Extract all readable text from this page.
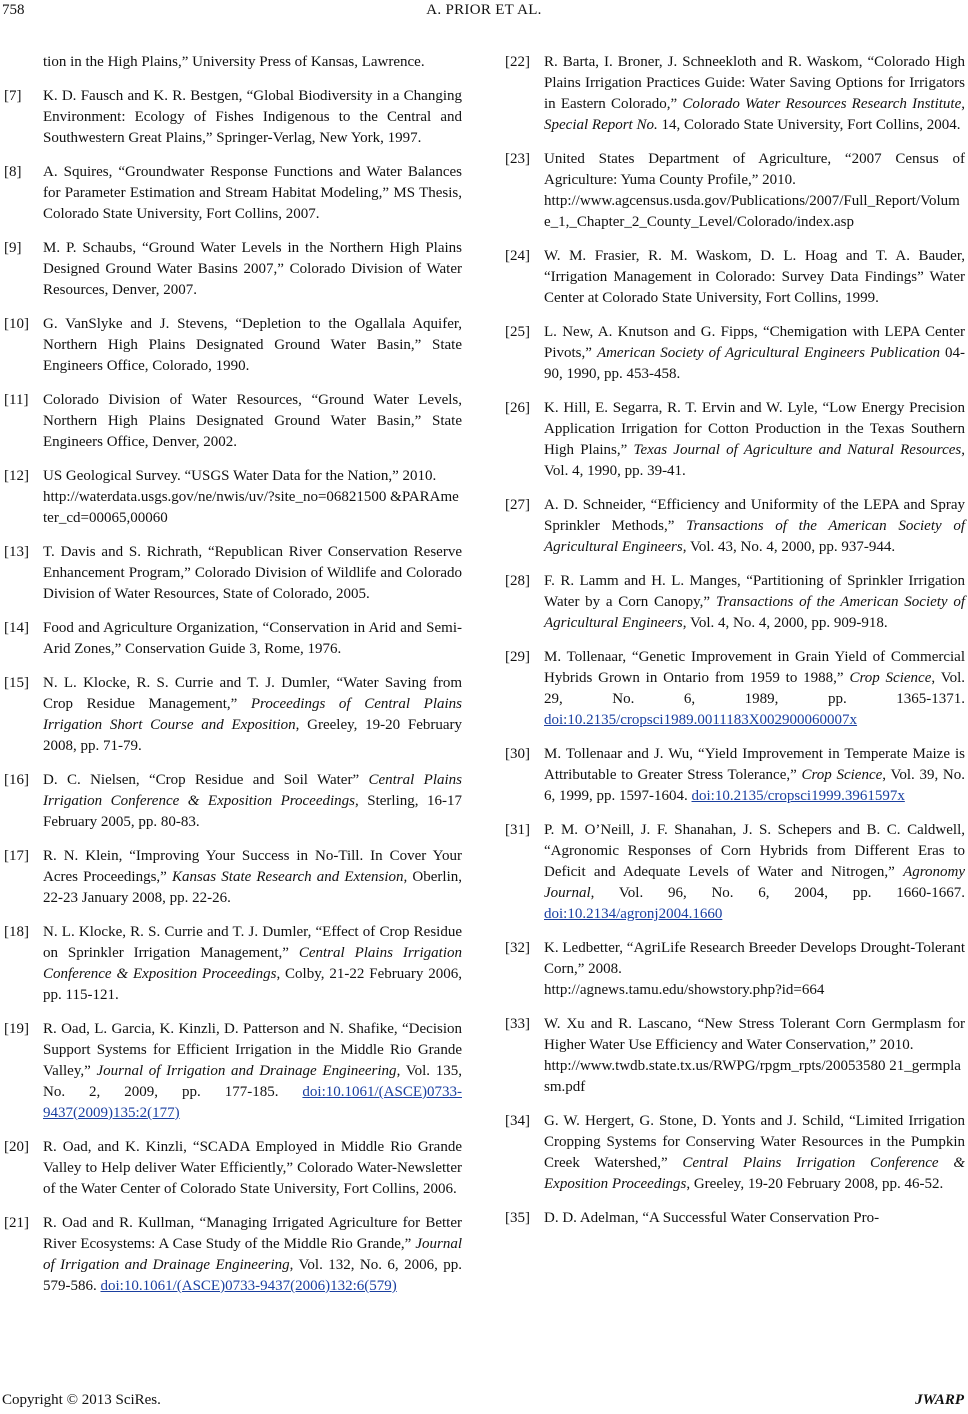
758	A. PRIOR ET AL.
tion in the High Plains,” University Press of Kansas, Lawrence.
[7] K. D. Fausch and K. R. Bestgen, “Global Biodiversity in a Changing Environment: Ecology of Fishes Indigenous to the Central and Southwestern Great Plains,” Springer-Verlag, New York, 1997.
[8] A. Squires, “Groundwater Response Functions and Water Balances for Parameter Estimation and Stream Habitat Modeling,” MS Thesis, Colorado State University, Fort Collins, 2007.
[9] M. P. Schaubs, “Ground Water Levels in the Northern High Plains Designed Ground Water Basins 2007,” Colorado Division of Water Resources, Denver, 2007.
[10] G. VanSlyke and J. Stevens, “Depletion to the Ogallala Aquifer, Northern High Plains Designated Ground Water Basin,” State Engineers Office, Colorado, 1990.
[11] Colorado Division of Water Resources, “Ground Water Levels, Northern High Plains Designated Ground Water Basin,” State Engineers Office, Denver, 2002.
[12] US Geological Survey. “USGS Water Data for the Nation,” 2010.
http://waterdata.usgs.gov/ne/nwis/uv/?site_no=06821500 &PARAmeter_cd=00065,00060
[13] T. Davis and S. Richrath, “Republican River Conservation Reserve Enhancement Program,” Colorado Division of Wildlife and Colorado Division of Water Resources, State of Colorado, 2005.
[14] Food and Agriculture Organization, “Conservation in Arid and Semi-Arid Zones,” Conservation Guide 3, Rome, 1976.
[15] N. L. Klocke, R. S. Currie and T. J. Dumler, “Water Saving from Crop Residue Management,” Proceedings of Central Plains Irrigation Short Course and Exposition, Greeley, 19-20 February 2008, pp. 71-79.
[16] D. C. Nielsen, “Crop Residue and Soil Water” Central Plains Irrigation Conference & Exposition Proceedings, Sterling, 16-17 February 2005, pp. 80-83.
[17] R. N. Klein, “Improving Your Success in No-Till. In Cover Your Acres Proceedings,” Kansas State Research and Extension, Oberlin, 22-23 January 2008, pp. 22-26.
[18] N. L. Klocke, R. S. Currie and T. J. Dumler, “Effect of Crop Residue on Sprinkler Irrigation Management,” Central Plains Irrigation Conference & Exposition Proceedings, Colby, 21-22 February 2006, pp. 115-121.
[19] R. Oad, L. Garcia, K. Kinzli, D. Patterson and N. Shafike, “Decision Support Systems for Efficient Irrigation in the Middle Rio Grande Valley,” Journal of Irrigation and Drainage Engineering, Vol. 135, No. 2, 2009, pp. 177-185. doi:10.1061/(ASCE)0733-9437(2009)135:2(177)
[20] R. Oad, and K. Kinzli, “SCADA Employed in Middle Rio Grande Valley to Help deliver Water Efficiently,” Colorado Water-Newsletter of the Water Center of Colorado State University, Fort Collins, 2006.
[21] R. Oad and R. Kullman, “Managing Irrigated Agriculture for Better River Ecosystems: A Case Study of the Middle Rio Grande,” Journal of Irrigation and Drainage Engineering, Vol. 132, No. 6, 2006, pp. 579-586. doi:10.1061/(ASCE)0733-9437(2006)132:6(579)
[22] R. Barta, I. Broner, J. Schneekloth and R. Waskom, “Colorado High Plains Irrigation Practices Guide: Water Saving Options for Irrigators in Eastern Colorado,” Colorado Water Resources Research Institute, Special Report No. 14, Colorado State University, Fort Collins, 2004.
[23] United States Department of Agriculture, “2007 Census of Agriculture: Yuma County Profile,” 2010.
http://www.agcensus.usda.gov/Publications/2007/Full_Report/Volume_1,_Chapter_2_County_Level/Colorado/index.asp
[24] W. M. Frasier, R. M. Waskom, D. L. Hoag and T. A. Bauder, “Irrigation Management in Colorado: Survey Data Findings” Water Center at Colorado State University, Fort Collins, 1999.
[25] L. New, A. Knutson and G. Fipps, “Chemigation with LEPA Center Pivots,” American Society of Agricultural Engineers Publication 04-90, 1990, pp. 453-458.
[26] K. Hill, E. Segarra, R. T. Ervin and W. Lyle, “Low Energy Precision Application Irrigation for Cotton Production in the Texas Southern High Plains,” Texas Journal of Agriculture and Natural Resources, Vol. 4, 1990, pp. 39-41.
[27] A. D. Schneider, “Efficiency and Uniformity of the LEPA and Spray Sprinkler Methods,” Transactions of the American Society of Agricultural Engineers, Vol. 43, No. 4, 2000, pp. 937-944.
[28] F. R. Lamm and H. L. Manges, “Partitioning of Sprinkler Irrigation Water by a Corn Canopy,” Transactions of the American Society of Agricultural Engineers, Vol. 4, No. 4, 2000, pp. 909-918.
[29] M. Tollenaar, “Genetic Improvement in Grain Yield of Commercial Hybrids Grown in Ontario from 1959 to 1988,” Crop Science, Vol. 29, No. 6, 1989, pp. 1365-1371. doi:10.2135/cropsci1989.0011183X002900060007x
[30] M. Tollenaar and J. Wu, “Yield Improvement in Temperate Maize is Attributable to Greater Stress Tolerance,” Crop Science, Vol. 39, No. 6, 1999, pp. 1597-1604. doi:10.2135/cropsci1999.3961597x
[31] P. M. O’Neill, J. F. Shanahan, J. S. Schepers and B. C. Caldwell, “Agronomic Responses of Corn Hybrids from Different Eras to Deficit and Adequate Levels of Water and Nitrogen,” Agronomy Journal, Vol. 96, No. 6, 2004, pp. 1660-1667. doi:10.2134/agronj2004.1660
[32] K. Ledbetter, “AgriLife Research Breeder Develops Drought-Tolerant Corn,” 2008.
http://agnews.tamu.edu/showstory.php?id=664
[33] W. Xu and R. Lascano, “New Stress Tolerant Corn Germplasm for Higher Water Use Efficiency and Water Conservation,” 2010.
http://www.twdb.state.tx.us/RWPG/rpgm_rpts/20053580 21_germplasm.pdf
[34] G. W. Hergert, G. Stone, D. Yonts and J. Schild, “Limited Irrigation Cropping Systems for Conserving Water Resources in the Pumpkin Creek Watershed,” Central Plains Irrigation Conference & Exposition Proceedings, Greeley, 19-20 February 2008, pp. 46-52.
[35] D. D. Adelman, “A Successful Water Conservation Pro-
Copyright © 2013 SciRes.	JWARP
